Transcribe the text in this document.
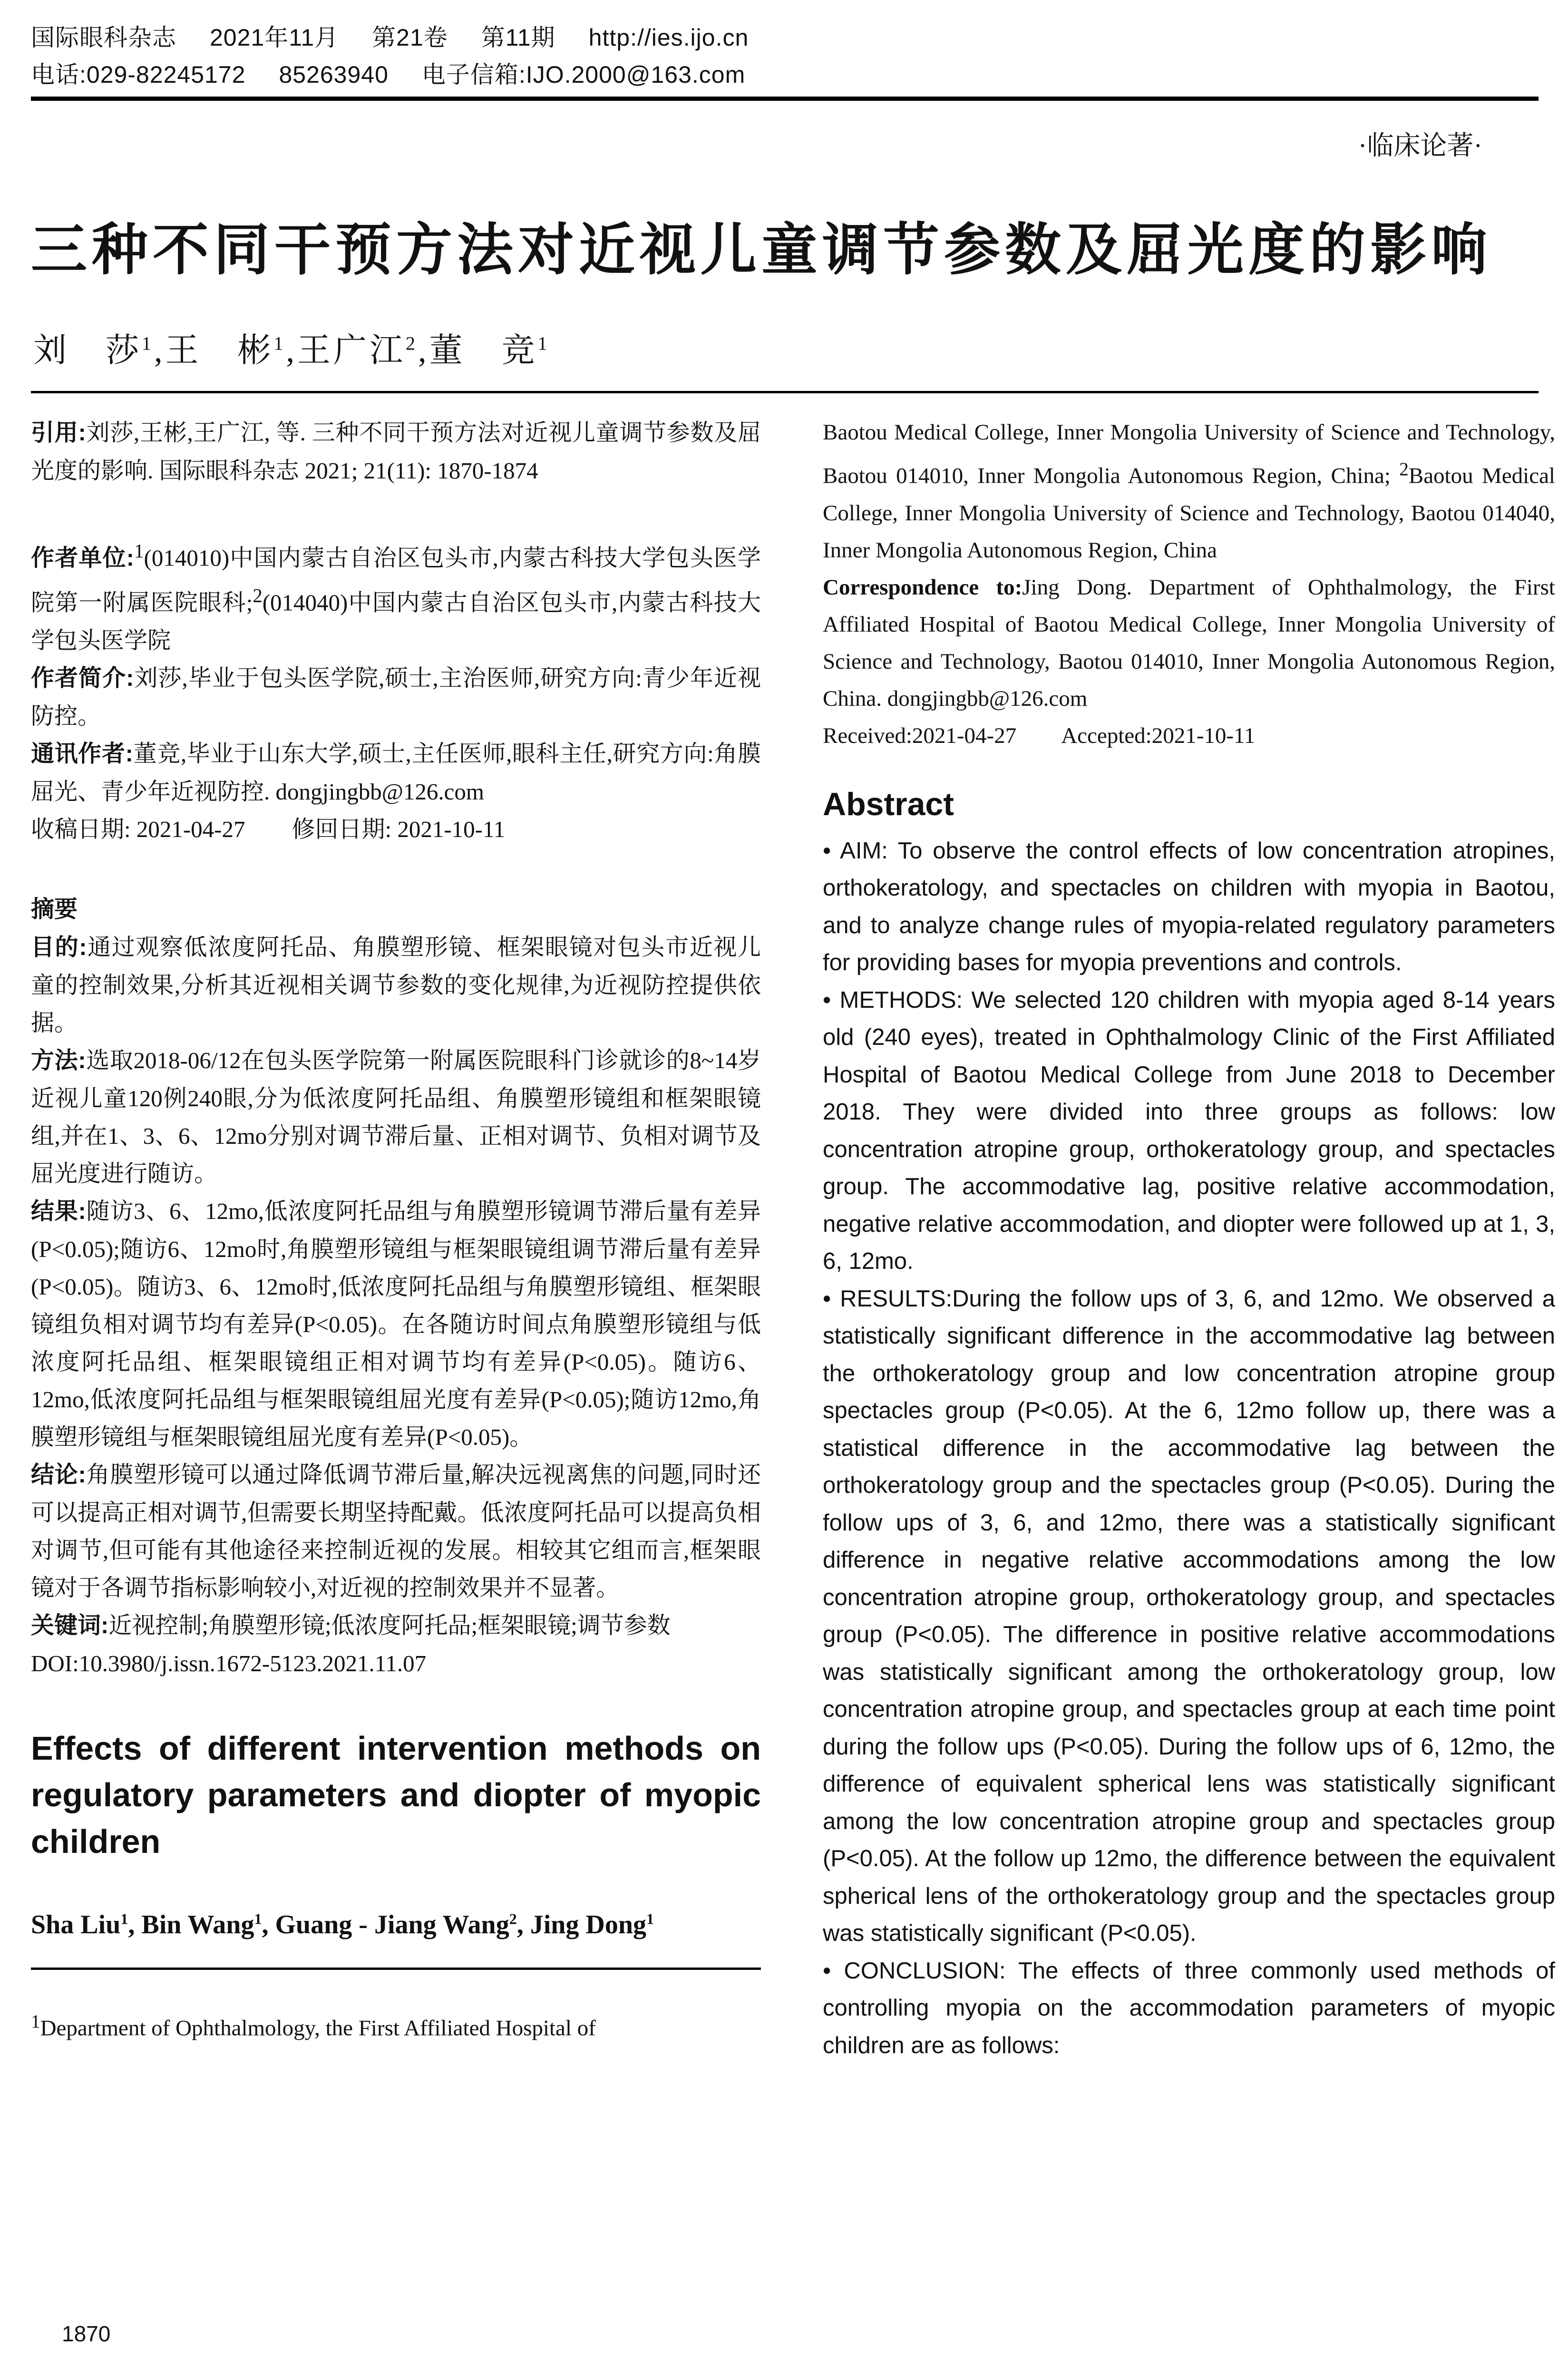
国际眼科杂志 2021年11月 第21卷 第11期 http://ies.ijo.cn
电话:029-82245172 85263940 电子信箱:IJO.2000@163.com
·临床论著·
三种不同干预方法对近视儿童调节参数及屈光度的影响
刘　莎$^1$,王　彬$^1$,王广江$^2$,董　竞$^1$

引用:刘莎,王彬,王广江, 等. 三种不同干预方法对近视儿童调节参数及屈光度的影响. 国际眼科杂志 2021; 21(11): 1870-1874

作者单位:$^1$(014010)中国内蒙古自治区包头市,内蒙古科技大学包头医学院第一附属医院眼科;$^2$(014040)中国内蒙古自治区包头市,内蒙古科技大学包头医学院

作者简介:刘莎,毕业于包头医学院,硕士,主治医师,研究方向:青少年近视防控。

通讯作者:董竞,毕业于山东大学,硕士,主任医师,眼科主任,研究方向:角膜屈光、青少年近视防控. dongjingbb@126.com

收稿日期: 2021-04-27　　修回日期: 2021-10-11

摘要

目的:通过观察低浓度阿托品、角膜塑形镜、框架眼镜对包头市近视儿童的控制效果,分析其近视相关调节参数的变化规律,为近视防控提供依据。

方法:选取2018-06/12在包头医学院第一附属医院眼科门诊就诊的8~14岁近视儿童120例240眼,分为低浓度阿托品组、角膜塑形镜组和框架眼镜组,并在1、3、6、12mo分别对调节滞后量、正相对调节、负相对调节及屈光度进行随访。

结果:随访3、6、12mo,低浓度阿托品组与角膜塑形镜调节滞后量有差异(P<0.05);随访6、12mo时,角膜塑形镜组与框架眼镜组调节滞后量有差异(P<0.05)。随访3、6、12mo时,低浓度阿托品组与角膜塑形镜组、框架眼镜组负相对调节均有差异(P<0.05)。在各随访时间点角膜塑形镜组与低浓度阿托品组、框架眼镜组正相对调节均有差异(P<0.05)。随访6、12mo,低浓度阿托品组与框架眼镜组屈光度有差异(P<0.05);随访12mo,角膜塑形镜组与框架眼镜组屈光度有差异(P<0.05)。

结论:角膜塑形镜可以通过降低调节滞后量,解决远视离焦的问题,同时还可以提高正相对调节,但需要长期坚持配戴。低浓度阿托品可以提高负相对调节,但可能有其他途径来控制近视的发展。相较其它组而言,框架眼镜对于各调节指标影响较小,对近视的控制效果并不显著。

关键词:近视控制;角膜塑形镜;低浓度阿托品;框架眼镜;调节参数

DOI:10.3980/j.issn.1672-5123.2021.11.07

Effects of different intervention methods on regulatory parameters and diopter of myopic children

Sha Liu$^1$, Bin Wang$^1$, Guang - Jiang Wang$^2$, Jing Dong$^1$

$^1$Department of Ophthalmology, the First Affiliated Hospital of

Baotou Medical College, Inner Mongolia University of Science and Technology, Baotou 014010, Inner Mongolia Autonomous Region, China; $^2$Baotou Medical College, Inner Mongolia University of Science and Technology, Baotou 014040, Inner Mongolia Autonomous Region, China

Correspondence to:Jing Dong. Department of Ophthalmology, the First Affiliated Hospital of Baotou Medical College, Inner Mongolia University of Science and Technology, Baotou 014010, Inner Mongolia Autonomous Region, China. dongjingbb@126.com

Received:2021-04-27　　Accepted:2021-10-11

Abstract

• AIM: To observe the control effects of low concentration atropines, orthokeratology, and spectacles on children with myopia in Baotou, and to analyze change rules of myopia-related regulatory parameters for providing bases for myopia preventions and controls.

• METHODS: We selected 120 children with myopia aged 8-14 years old (240 eyes), treated in Ophthalmology Clinic of the First Affiliated Hospital of Baotou Medical College from June 2018 to December 2018. They were divided into three groups as follows: low concentration atropine group, orthokeratology group, and spectacles group. The accommodative lag, positive relative accommodation, negative relative accommodation, and diopter were followed up at 1, 3, 6, 12mo.

• RESULTS:During the follow ups of 3, 6, and 12mo. We observed a statistically significant difference in the accommodative lag between the orthokeratology group and low concentration atropine group spectacles group (P<0.05). At the 6, 12mo follow up, there was a statistical difference in the accommodative lag between the orthokeratology group and the spectacles group (P<0.05). During the follow ups of 3, 6, and 12mo, there was a statistically significant difference in negative relative accommodations among the low concentration atropine group, orthokeratology group, and spectacles group (P<0.05). The difference in positive relative accommodations was statistically significant among the orthokeratology group, low concentration atropine group, and spectacles group at each time point during the follow ups (P<0.05). During the follow ups of 6, 12mo, the difference of equivalent spherical lens was statistically significant among the low concentration atropine group and spectacles group (P<0.05). At the follow up 12mo, the difference between the equivalent spherical lens of the orthokeratology group and the spectacles group was statistically significant (P<0.05).

• CONCLUSION: The effects of three commonly used methods of controlling myopia on the accommodation parameters of myopic children are as follows:

1870
